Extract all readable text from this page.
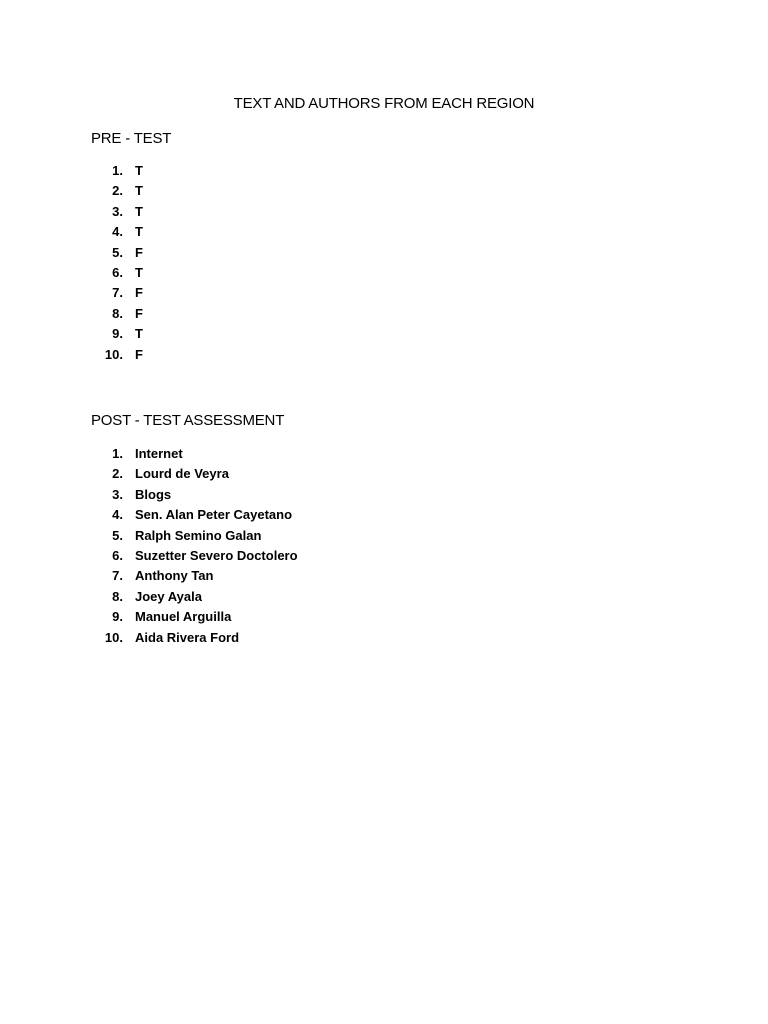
TEXT AND AUTHORS FROM EACH REGION
PRE - TEST
1. T
2. T
3. T
4. T
5. F
6. T
7. F
8. F
9. T
10. F
POST - TEST ASSESSMENT
1. Internet
2. Lourd de Veyra
3. Blogs
4. Sen. Alan Peter Cayetano
5. Ralph Semino Galan
6. Suzetter Severo Doctolero
7. Anthony Tan
8. Joey Ayala
9. Manuel Arguilla
10. Aida Rivera Ford
